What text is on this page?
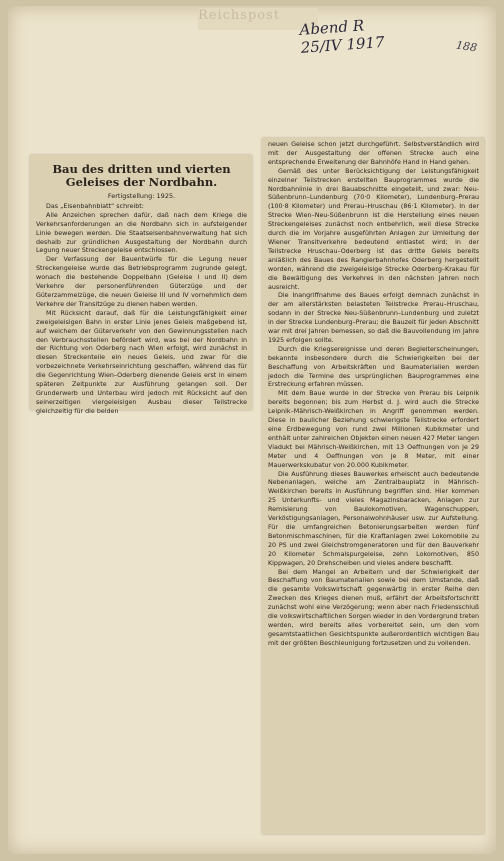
Reichspost
Abend R
25/IV 1917	188
Bau des dritten und vierten
Geleises der Nordbahn.
Fertigstellung: 1925.

Das „Eisenbahnblatt“ schreibt:

Alle Anzeichen sprechen dafür, daß nach dem Kriege die Verkehrsanforderungen an die Nordbahn sich in aufsteigender Linie bewegen werden. Die Staatseisenbahnverwaltung hat sich deshalb zur gründlichen Ausgestaltung der Nordbahn durch Legung neuer Streckengeleise entschlossen.

Der Verfassung der Bauentwürfe für die Legung neuer Streckengeleise wurde das Betriebsprogramm zugrunde gelegt, wonach die bestehende Doppelbahn (Geleise I und II) dem Verkehre der personenführenden Güterzüge und der Güterzammelzüge, die neuen Geleise III und IV vornehmlich dem Verkehre der Transitzüge zu dienen haben werden.

Mit Rücksicht darauf, daß für die Leistungsfähigkeit einer zweigeleisigen Bahn in erster Linie jenes Geleis maßgebend ist, auf welchem der Güterverkehr von den Gewinnungsstellen nach den Verbrauchsstellen befördert wird, was bei der Nordbahn in der Richtung von Oderberg nach Wien erfolgt, wird zunächst in diesen Streckenteile ein neues Geleis, und zwar für die vorbezeichnete Verkehrseinrichtung geschaffen, während das für die Gegenrichtung Wien–Oderberg dienende Geleis erst in einem späteren Zeitpunkte zur Ausführung gelangen soll. Der Grunderwerb und Unterbau wird jedoch mit Rücksicht auf den seinerzeitigen viergeleisigen Ausbau dieser Teilstrecke gleichzeitig für die beiden

neuen Geleise schon jetzt durchgeführt. Selbstverständlich wird mit der Ausgestaltung der offenen Strecke auch eine entsprechende Erweiterung der Bahnhöfe Hand in Hand gehen.

Gemäß des unter Berücksichtigung der Leistungsfähigkeit einzelner Teilstrecken erstellten Bauprogrammes wurde die Nordbahnlinie in drei Bauabschnitte eingeteilt, und zwar: Neu-Süßenbrunn–Lundenburg (70·0 Kilometer), Lundenburg–Prerau (100·8 Kilometer) und Prerau–Hruschau (86·1 Kilometer). In der Strecke Wien–Neu-Süßenbrunn ist die Herstellung eines neuen Streckengeleises zunächst noch entbehrlich, weil diese Strecke durch die im Vorjahre ausgeführten Anlagen zur Umleitung der Wiener Transitverkehre bedeutend entlastet wird; in der Teilstrecke Hruschau–Oderberg ist das dritte Geleis bereits anläßlich des Baues des Rangierbahnhofes Oderberg hergestellt worden, während die zweigeleisige Strecke Oderberg–Krakau für die Bewältigung des Verkehres in den nächsten Jahren noch ausreicht.

Die Inangriffnahme des Baues erfolgt demnach zunächst in der am allerstärksten belasteten Teilstrecke Prerau–Hruschau, sodann in der Strecke Neu-Süßenbrunn–Lundenburg und zuletzt in der Strecke Lundenburg–Prerau; die Bauzeit für jeden Abschnitt war mit drei Jahren bemessen, so daß die Bauvollendung im Jahre 1925 erfolgen sollte.

Durch die Kriegsereignisse und deren Begleiterscheinungen, bekannte insbesondere durch die Schwierigkeiten bei der Beschaffung von Arbeitskräften und Baumaterialien werden jedoch die Termine des ursprünglichen Bauprogrammes eine Erstreckung erfahren müssen.

Mit dem Baue wurde in der Strecke von Prerau bis Leipnik bereits begonnen; bis zum Herbst d. J. wird auch die Strecke Leipnik–Mährisch-Weißkirchen in Angriff genommen werden. Diese in baulicher Beziehung schwierigste Teilstrecke erfordert eine Erdbewegung von rund zwei Millionen Kubikmeter und enthält unter zahlreichen Objekten einen neuen 427 Meter langen Viadukt bei Mährisch-Weißkirchen, mit 13 Oeffnungen von je 29 Meter und 4 Oeffnungen von je 8 Meter, mit einer Mauerwerkskubatur von 20.000 Kubikmeter.

Die Ausführung dieses Bauwerkes erheischt auch bedeutende Nebenanlagen, welche am Zentralbauplatz in Mährisch-Weißkirchen bereits in Ausführung begriffen sind. Hier kommen 25 Unterkunfts- und vieles Magazinsbaracken, Anlagen zur Remisierung von Baulokomotiven, Wagenschuppen, Verköstigungsanlagen, Personalwohnhäuser usw. zur Aufstellung. Für die umfangreichen Betonierungsarbeiten werden fünf Betonmischmaschinen, für die Kraftanlagen zwei Lokomobile zu 20 PS und zwei Gleichstromgeneratoren und für den Bauverkehr 20 Kilometer Schmalspurgeleise, zehn Lokomotiven, 850 Kippwagen, 20 Drehscheiben und vieles andere beschafft.

Bei dem Mangel an Arbeitern und der Schwierigkeit der Beschaffung von Baumaterialien sowie bei dem Umstande, daß die gesamte Volkswirtschaft gegenwärtig in erster Reihe den Zwecken des Krieges dienen muß, erfährt der Arbeitsfortschritt zunächst wohl eine Verzögerung; wenn aber nach Friedensschluß die volkswirtschaftlichen Sorgen wieder in den Vordergrund treten werden, wird bereits alles vorbereitet sein, um den vom gesamtstaatlichen Gesichtspunkte außerordentlich wichtigen Bau mit der größten Beschleunigung fortzusetzen und zu vollenden.
